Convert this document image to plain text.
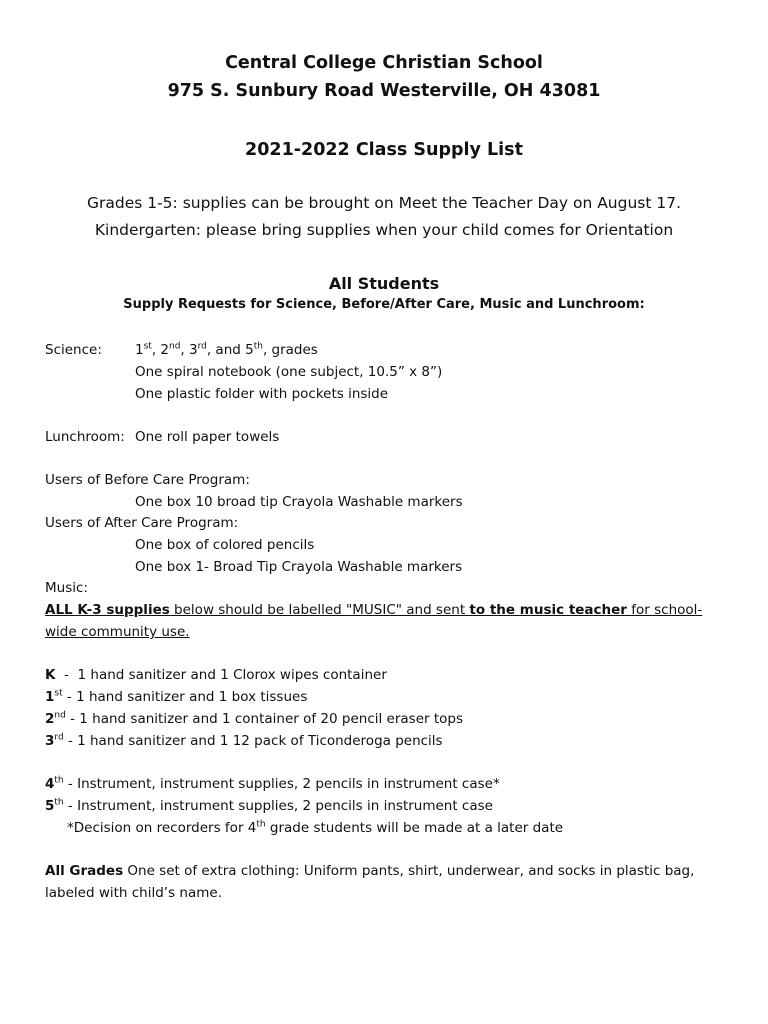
Central College Christian School
975 S. Sunbury Road Westerville, OH 43081
2021-2022 Class Supply List
Grades 1-5: supplies can be brought on Meet the Teacher Day on August 17.
Kindergarten: please bring supplies when your child comes for Orientation
All Students
Supply Requests for Science, Before/After Care, Music and Lunchroom:
Science: 1st, 2nd, 3rd, and 5th, grades
One spiral notebook (one subject, 10.5” x 8”)
One plastic folder with pockets inside
Lunchroom: One roll paper towels
Users of Before Care Program:
One box 10 broad tip Crayola Washable markers
Users of After Care Program:
One box of colored pencils
One box 1- Broad Tip Crayola Washable markers
Music:
ALL K-3 supplies below should be labelled "MUSIC" and sent to the music teacher for school-
wide community use.
K  -  1 hand sanitizer and 1 Clorox wipes container
1st - 1 hand sanitizer and 1 box tissues
2nd - 1 hand sanitizer and 1 container of 20 pencil eraser tops
3rd - 1 hand sanitizer and 1 12 pack of Ticonderoga pencils
4th - Instrument, instrument supplies, 2 pencils in instrument case*
5th - Instrument, instrument supplies, 2 pencils in instrument case
*Decision on recorders for 4th grade students will be made at a later date
All Grades One set of extra clothing: Uniform pants, shirt, underwear, and socks in plastic bag,
labeled with child’s name.
